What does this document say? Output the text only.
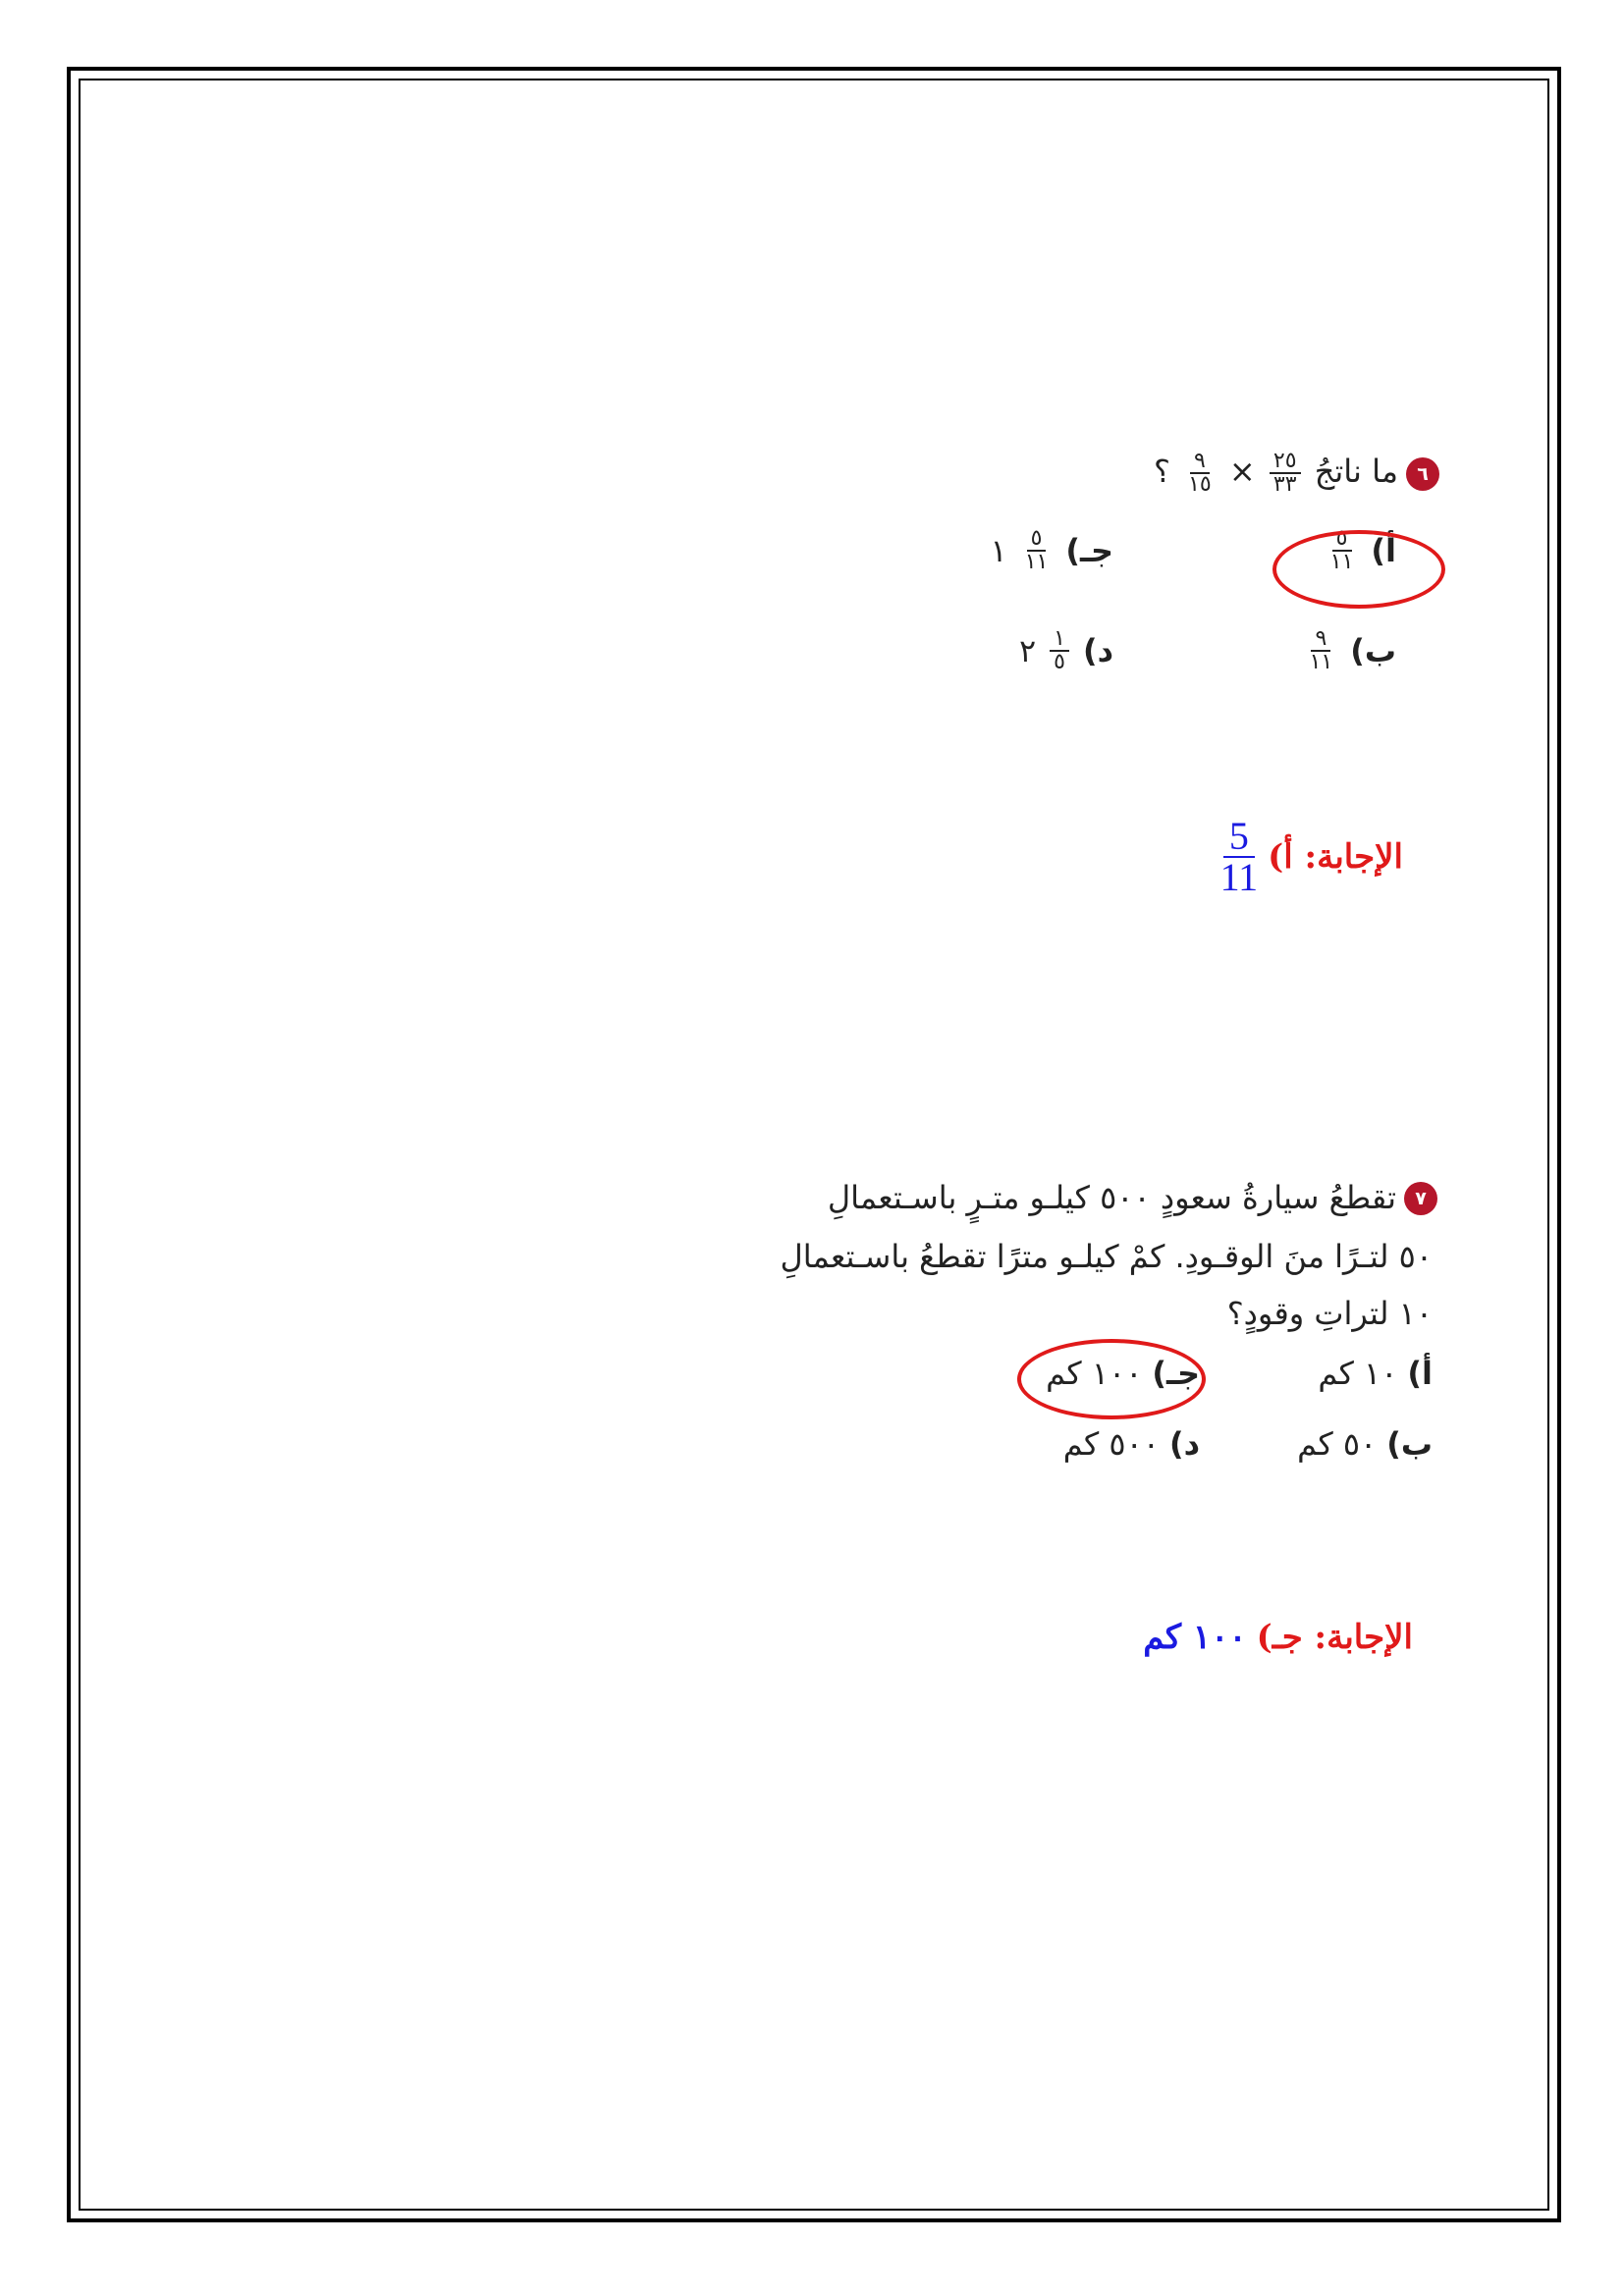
٦
ما ناتجُ
$\frac{٢٥}{٣٣}$
×
$\frac{٩}{١٥}$
؟
أ)
$\frac{٥}{١١}$
جـ)
$\frac{٥}{١١}$
١
ب)
$\frac{٩}{١١}$
د)
$\frac{١}{٥}$
٢
الإجابة: أ)
$\frac{5}{11}$
٧
تقطعُ سيارةُ سعودٍ ٥٠٠ كيلـو متـرٍ باسـتعمالِ
٥٠ لتـرًا منَ الوقـودِ. كمْ كيلـو مترًا تقطعُ باسـتعمالِ
١٠ لتراتِ وقودٍ؟
أ)
١٠ كم
جـ)
١٠٠ كم
ب)
٥٠ كم
د)
٥٠٠ كم
الإجابة: جـ)
١٠٠ كم
